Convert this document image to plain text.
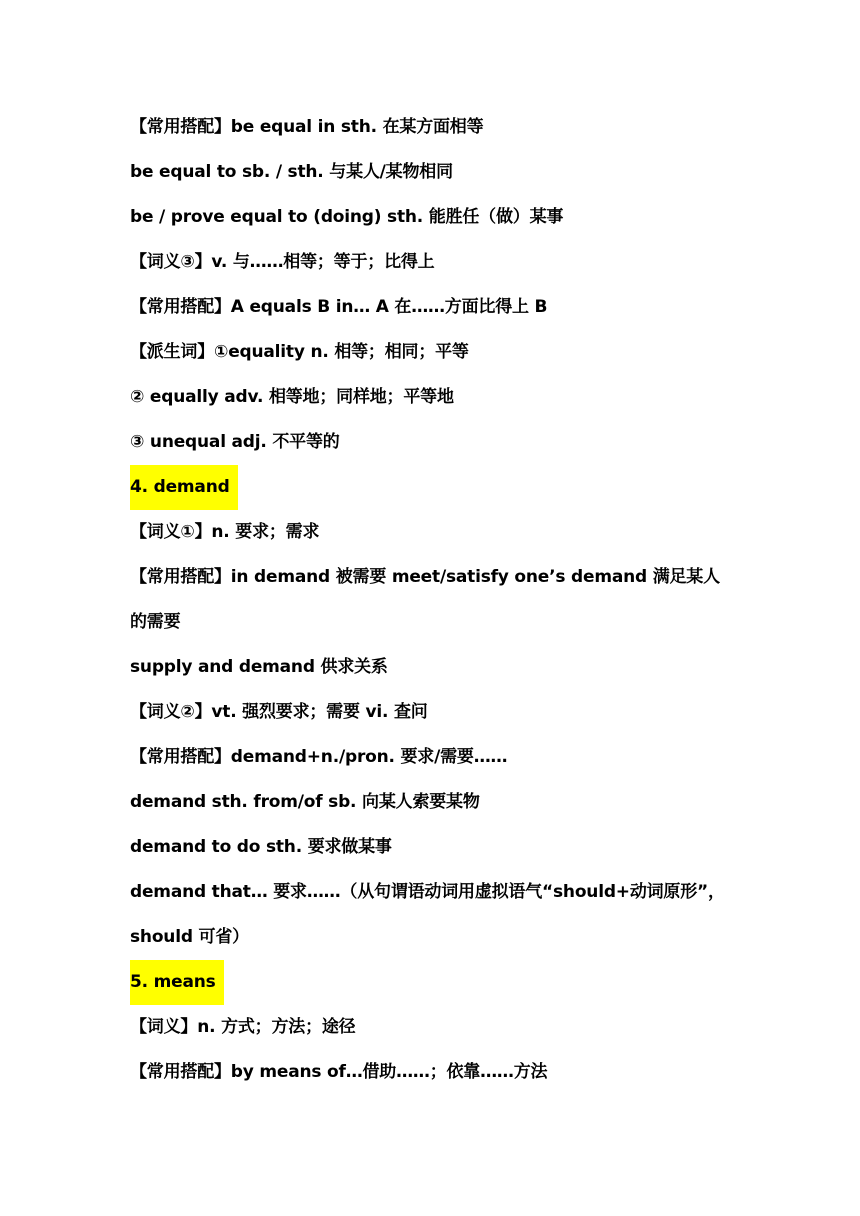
【常用搭配】be equal in sth. 在某方面相等
be equal to sb. / sth. 与某人/某物相同
be / prove equal to (doing) sth. 能胜任（做）某事
【词义③】v. 与……相等；等于；比得上
【常用搭配】A equals B in… A 在……方面比得上 B
【派生词】①equality n. 相等；相同；平等
② equally adv. 相等地；同样地；平等地
③ unequal adj. 不平等的
4. demand
【词义①】n. 要求；需求
【常用搭配】in demand 被需要 meet/satisfy one’s demand 满足某人
的需要
supply and demand 供求关系
【词义②】vt. 强烈要求；需要 vi. 查问
【常用搭配】demand+n./pron. 要求/需要……
demand sth. from/of sb. 向某人索要某物
demand to do sth. 要求做某事
demand that… 要求……（从句谓语动词用虚拟语气“should+动词原形”，
should 可省）
5. means
【词义】n. 方式；方法；途径
【常用搭配】by means of…借助……；依靠……方法
